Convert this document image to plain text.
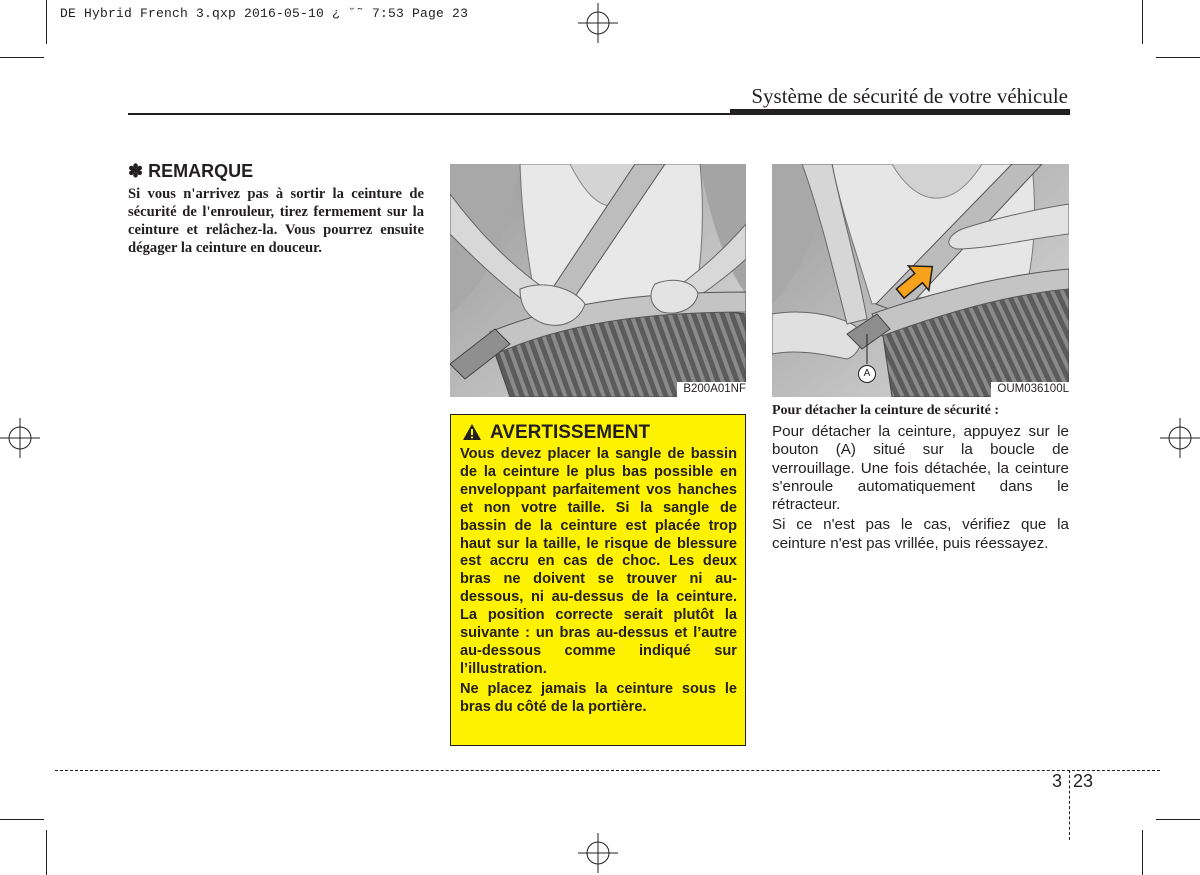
DE Hybrid French 3.qxp 2016-05-10 ¿ ˘˜ 7:53 Page 23
Système de sécurité de votre véhicule
✽ REMARQUE
Si vous n'arrivez pas à sortir la ceinture de sécurité de l'enrouleur, tirez fermement sur la ceinture et relâchez-la. Vous pourrez ensuite dégager la ceinture en douceur.
B200A01NF
A
OUM036100L
AVERTISSEMENT

Vous devez placer la sangle de bassin de la ceinture le plus bas possible en enveloppant parfaitement vos hanches et non votre taille. Si la sangle de bassin de la ceinture est placée trop haut sur la taille, le risque de blessure est accru en cas de choc. Les deux bras ne doivent se trouver ni au-dessous, ni au-dessus de la ceinture. La position correcte serait plutôt la suivante : un bras au-dessus et l’autre au-dessous comme indiqué sur l’illustration.

Ne placez jamais la ceinture sous le bras du côté de la portière.

Pour détacher la ceinture de sécurité :

Pour détacher la ceinture, appuyez sur le bouton (A) situé sur la boucle de verrouillage. Une fois détachée, la ceinture s'enroule automatiquement dans le rétracteur.

Si ce n'est pas le cas, vérifiez que la ceinture n'est pas vrillée, puis réessayez.

3 23
